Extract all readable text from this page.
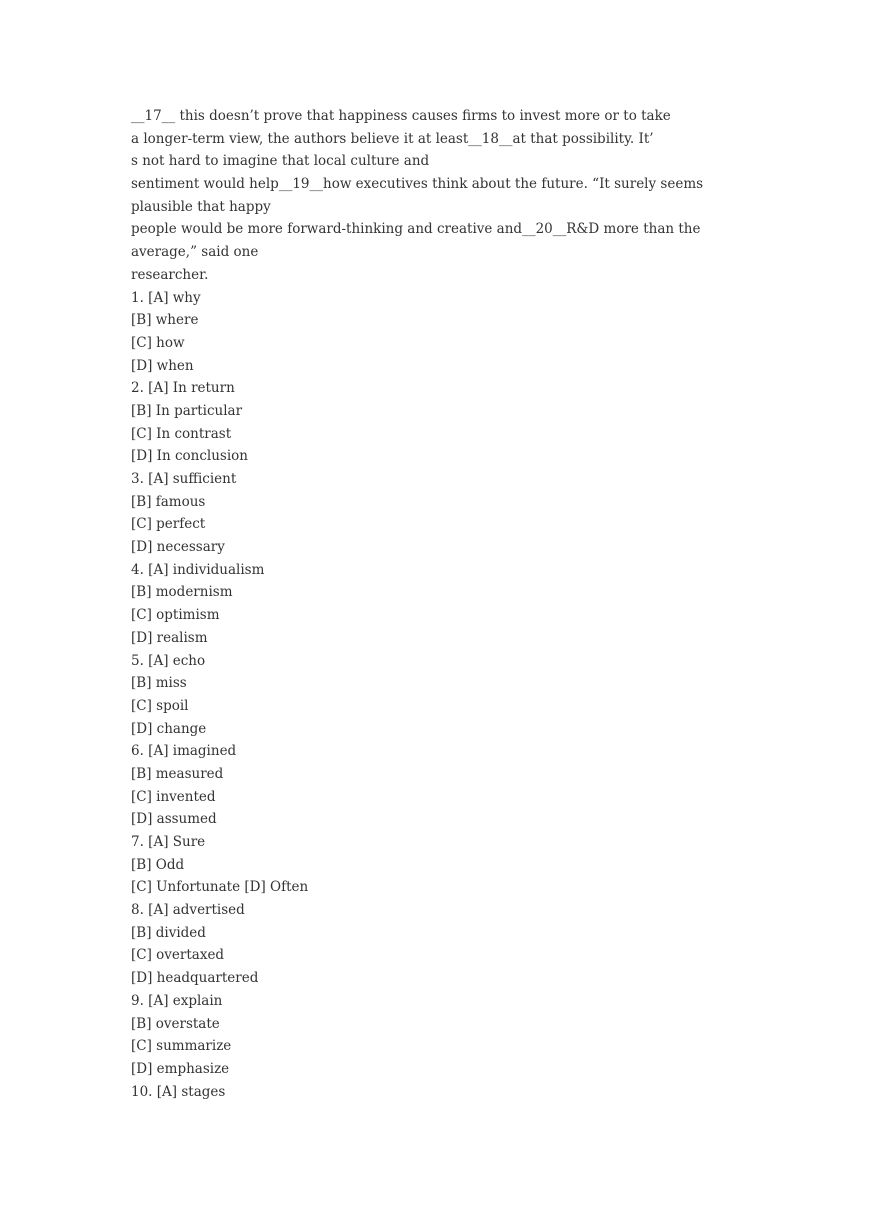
__17__ this doesn’t prove that happiness causes firms to invest more or to take
a longer-term view, the authors believe it at least__18__at that possibility. It’
s not hard to imagine that local culture and
sentiment would help__19__how executives think about the future. “It surely seems
plausible that happy
people would be more forward-thinking and creative and__20__R&D more than the
average,” said one
researcher.
1. [A] why
[B] where
[C] how
[D] when
2. [A] In return
[B] In particular
[C] In contrast
[D] In conclusion
3. [A] sufficient
[B] famous
[C] perfect
[D] necessary
4. [A] individualism
[B] modernism
[C] optimism
[D] realism
5. [A] echo
[B] miss
[C] spoil
[D] change
6. [A] imagined
[B] measured
[C] invented
[D] assumed
7. [A] Sure
[B] Odd
[C] Unfortunate [D] Often
8. [A] advertised
[B] divided
[C] overtaxed
[D] headquartered
9. [A] explain
[B] overstate
[C] summarize
[D] emphasize
10. [A] stages
